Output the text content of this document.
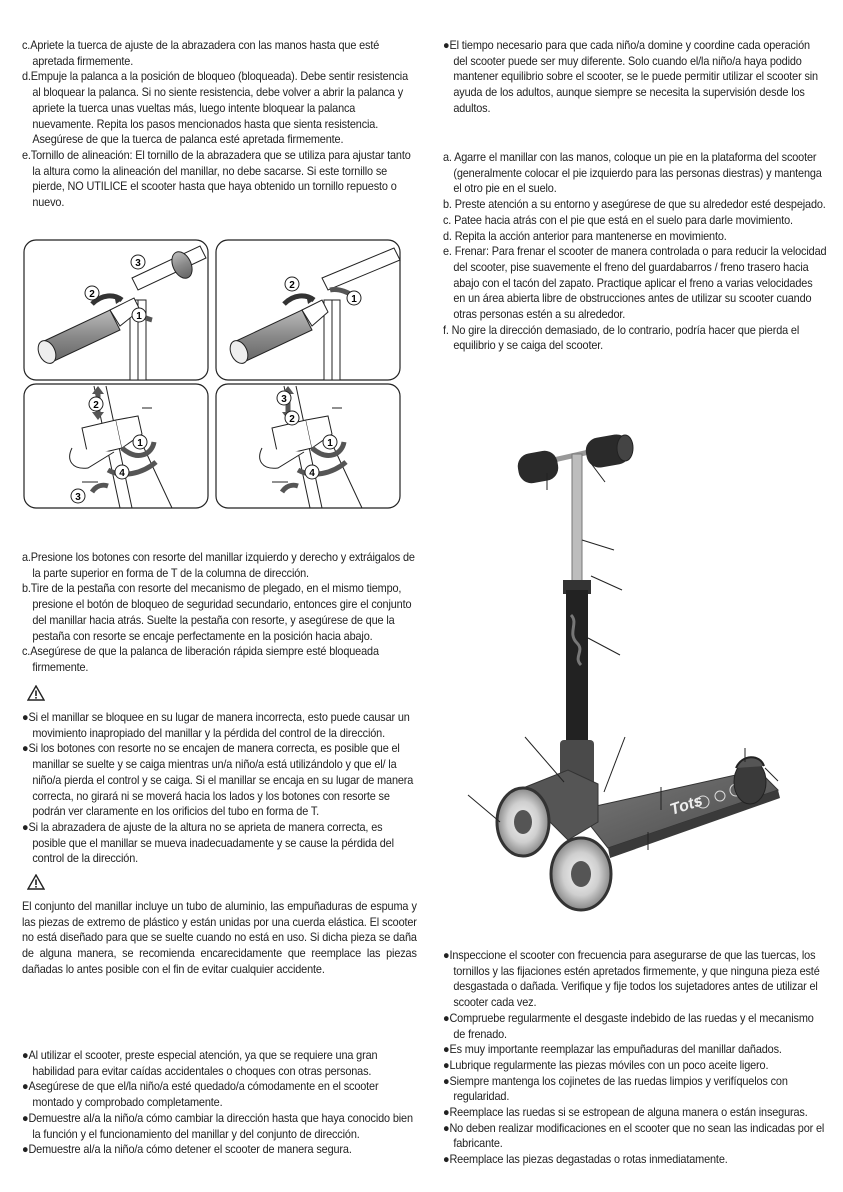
c.Apriete la tuerca de ajuste de la abrazadera con las manos hasta que esté apretada firmemente.

d.Empuje la palanca a la posición de bloqueo (bloqueada). Debe sentir resistencia al bloquear la palanca. Si no siente resistencia, debe volver a abrir la palanca y apriete la tuerca unas vueltas más, luego intente bloquear la palanca nuevamente. Repita los pasos mencionados hasta que sienta resistencia. Asegúrese de que la tuerca de palanca esté apretada firmemente.

e.Tornillo de alineación: El tornillo de la abrazadera que se utiliza para ajustar tanto la altura como la alineación del manillar, no debe sacarse. Si este tornillo se pierde, NO UTILICE el scooter hasta que haya obtenido un tornillo repuesto o nuevo.

2
3
1
2
1
2
1
4
3
3
2
1
4

a.Presione los botones con resorte del manillar izquierdo y derecho y extráigalos de la parte superior en forma de T de la columna de dirección.

b.Tire de la pestaña con resorte del mecanismo de plegado, en el mismo tiempo, presione el botón de bloqueo de seguridad secundario, entonces gire el conjunto del manillar hacia atrás. Suelte la pestaña con resorte, y asegúrese de que la pestaña con resorte se encaje perfectamente en la posición hacia abajo.

c.Asegúrese de que la palanca de liberación rápida siempre esté bloqueada firmemente.

●Si el manillar se bloquee en su lugar de manera incorrecta, esto puede causar un movimiento inapropiado del manillar y la pérdida del control de la dirección.

●Si los botones con resorte no se encajen de manera correcta, es posible que el manillar se suelte y se caiga mientras un/a niño/a está utilizándolo y que el/ la niño/a pierda el control y se caiga. Si el manillar se encaja en su lugar de manera correcta, no girará ni se moverá hacia los lados y los botones con resorte se podrán ver claramente en los orificios del tubo en forma de T.

●Si la abrazadera de ajuste de la altura no se aprieta de manera correcta, es posible que el manillar se mueva inadecuadamente y se cause la pérdida del control de la dirección.

El conjunto del manillar incluye un tubo de aluminio, las empuñaduras de espuma y las piezas de extremo de plástico y están unidas por una cuerda elástica. El scooter no está diseñado para que se suelte cuando no está en uso. Si dicha pieza se daña de alguna manera, se recomienda encarecidamente que reemplace las piezas dañadas lo antes posible con el fin de evitar cualquier accidente.

●Al utilizar el scooter, preste especial atención, ya que se requiere una gran habilidad para evitar caídas accidentales o choques con otras personas.

●Asegúrese de que el/la niño/a esté quedado/a cómodamente en el scooter montado y comprobado completamente.

●Demuestre al/a la niño/a cómo cambiar la dirección hasta que haya conocido bien la función y el funcionamiento del manillar y del conjunto de dirección.

●Demuestre al/a la niño/a cómo detener el scooter de manera segura.

●El tiempo necesario para que cada niño/a domine y coordine cada operación del scooter puede ser muy diferente. Solo cuando el/la niño/a haya podido mantener equilibrio sobre el scooter, se le puede permitir utilizar el scooter sin ayuda de los adultos, aunque siempre se necesita la supervisión desde los adultos.

a. Agarre el manillar con las manos, coloque un pie en la plataforma del scooter (generalmente colocar el pie izquierdo para las personas diestras) y mantenga el otro pie en el suelo.

b. Preste atención a su entorno y asegúrese de que su alrededor esté despejado.

c. Patee hacia atrás con el pie que está en el suelo para darle movimiento.

d. Repita la acción anterior para mantenerse en movimiento.

e. Frenar: Para frenar el scooter de manera controlada o para reducir la velocidad del scooter, pise suavemente el freno del guardabarros / freno trasero hacia abajo con el tacón del zapato. Practique aplicar el freno a varias velocidades en un área abierta libre de obstrucciones antes de utilizar su scooter cuando otras personas estén a su alrededor.

f. No gire la dirección demasiado, de lo contrario, podría hacer que pierda el equilibrio y se caiga del scooter.

Tots

●Inspeccione el scooter con frecuencia para asegurarse de que las tuercas, los tornillos y las fijaciones estén apretados firmemente, y que ninguna pieza esté desgastada o dañada. Verifique y fije todos los sujetadores antes de utilizar el scooter cada vez.

●Compruebe regularmente el desgaste indebido de las ruedas y el mecanismo de frenado.

●Es muy importante reemplazar las empuñaduras del manillar dañados.

●Lubrique regularmente las piezas móviles con un poco aceite ligero.

●Siempre mantenga los cojinetes de las ruedas limpios y verifíquelos con regularidad.

●Reemplace las ruedas si se estropean de alguna manera o están inseguras.

●No deben realizar modificaciones en el scooter que no sean las indicadas por el fabricante.

●Reemplace las piezas degastadas o rotas inmediatamente.
